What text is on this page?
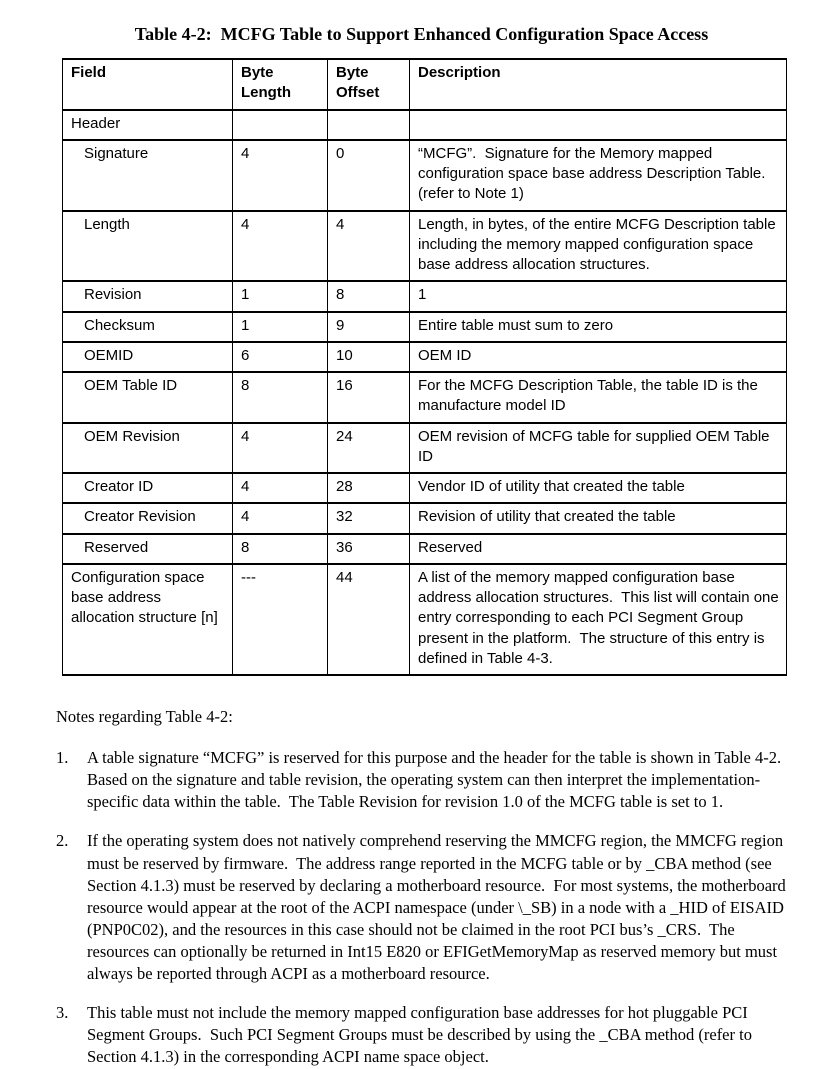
Table 4-2:  MCFG Table to Support Enhanced Configuration Space Access
Field	Byte Length	Byte Offset	Description
Header			
Signature	4	0	“MCFG”.  Signature for the Memory mapped configuration space base address Description Table.  (refer to Note 1)
Length	4	4	Length, in bytes, of the entire MCFG Description table including the memory mapped configuration space base address allocation structures.
Revision	1	8	1
Checksum	1	9	Entire table must sum to zero
OEMID	6	10	OEM ID
OEM Table ID	8	16	For the MCFG Description Table, the table ID is the manufacture model ID
OEM Revision	4	24	OEM revision of MCFG table for supplied OEM Table ID
Creator ID	4	28	Vendor ID of utility that created the table
Creator Revision	4	32	Revision of utility that created the table
Reserved	8	36	Reserved
Configuration space base address allocation structure [n]	---	44	A list of the memory mapped configuration base address allocation structures.  This list will contain one entry corresponding to each PCI Segment Group present in the platform.  The structure of this entry is defined in Table 4-3.

Notes regarding Table 4-2:

1.	A table signature “MCFG” is reserved for this purpose and the header for the table is shown in Table 4-2.  Based on the signature and table revision, the operating system can then interpret the implementation-specific data within the table.  The Table Revision for revision 1.0 of the MCFG table is set to 1.
2.	If the operating system does not natively comprehend reserving the MMCFG region, the MMCFG region must be reserved by firmware.  The address range reported in the MCFG table or by _CBA method (see Section 4.1.3) must be reserved by declaring a motherboard resource.  For most systems, the motherboard resource would appear at the root of the ACPI namespace (under \_SB) in a node with a _HID of EISAID (PNP0C02), and the resources in this case should not be claimed in the root PCI bus’s _CRS.  The resources can optionally be returned in Int15 E820 or EFIGetMemoryMap as reserved memory but must always be reported through ACPI as a motherboard resource.
3.	This table must not include the memory mapped configuration base addresses for hot pluggable PCI Segment Groups.  Such PCI Segment Groups must be described by using the _CBA method (refer to Section 4.1.3) in the corresponding ACPI name space object.
